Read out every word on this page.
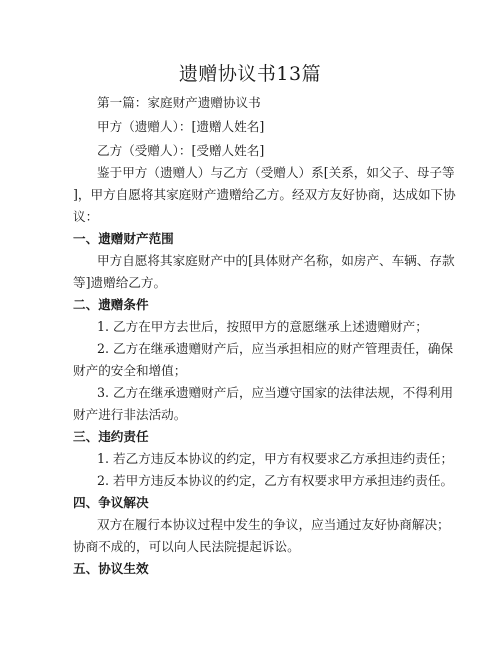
遗赠协议书13篇
第一篇：家庭财产遗赠协议书
甲方（遗赠人）：[遗赠人姓名]
乙方（受赠人）：[受赠人姓名]
鉴于甲方（遗赠人）与乙方（受赠人）系[关系，如父子、母子等
]，甲方自愿将其家庭财产遗赠给乙方。经双方友好协商，达成如下协
议：
一、遗赠财产范围
甲方自愿将其家庭财产中的[具体财产名称，如房产、车辆、存款
等]遗赠给乙方。
二、遗赠条件
1. 乙方在甲方去世后，按照甲方的意愿继承上述遗赠财产；
2. 乙方在继承遗赠财产后，应当承担相应的财产管理责任，确保
财产的安全和增值；
3. 乙方在继承遗赠财产后，应当遵守国家的法律法规，不得利用
财产进行非法活动。
三、违约责任
1. 若乙方违反本协议的约定，甲方有权要求乙方承担违约责任；
2. 若甲方违反本协议的约定，乙方有权要求甲方承担违约责任。
四、争议解决
双方在履行本协议过程中发生的争议，应当通过友好协商解决；
协商不成的，可以向人民法院提起诉讼。
五、协议生效
